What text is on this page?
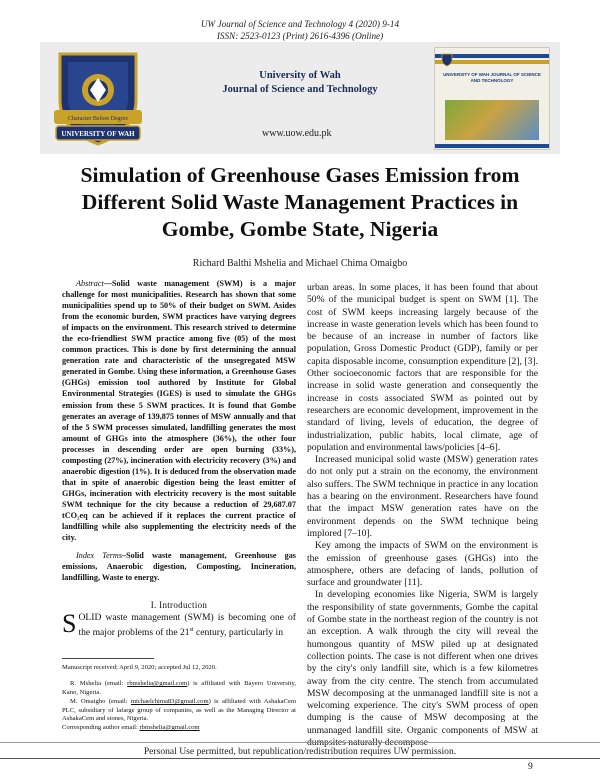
UW Journal of Science and Technology 4 (2020) 9-14
ISSN: 2523-0123 (Print) 2616-4396 (Online)
Character Before Degree
UNIVERSITY OF WAH
University of Wah
Journal of Science and Technology
www.uow.edu.pk
UNIVERSITY OF WAH JOURNAL OF SCIENCE AND TECHNOLOGY
Simulation of Greenhouse Gases Emission from Different Solid Waste Management Practices in Gombe, Gombe State, Nigeria
Richard Balthi Mshelia and Michael Chima Omaigbo
Abstract—Solid waste management (SWM) is a major challenge for most municipalities. Research has shown that some municipalities spend up to 50% of their budget on SWM. Asides from the economic burden, SWM practices have varying degrees of impacts on the environment. This research strived to determine the eco-friendliest SWM practice among five (05) of the most common practices. This is done by first determining the annual generation rate and characteristic of the unsegregated MSW generated in Gombe. Using these information, a Greenhouse Gases (GHGs) emission tool authored by Institute for Global Environmental Strategies (IGES) is used to simulate the GHGs emission from these 5 SWM practices. It is found that Gombe generates an average of 139,875 tonnes of MSW annually and that of the 5 SWM processes simulated, landfilling generates the most amount of GHGs into the atmosphere (36%), the other four processes in descending order are open burning (33%), composting (27%), incineration with electricity recovery (3%) and anaerobic digestion (1%). It is deduced from the observation made that in spite of anaerobic digestion being the least emitter of GHGs, incineration with electricity recovery is the most suitable SWM technique for the city because a reduction of 29,687.07 tCO₂eq can be achieved if it replaces the current practice of landfilling while also supplementing the electricity needs of the city.
Index Terms–Solid waste management, Greenhouse gas emissions, Anaerobic digestion, Composting, Incineration, landfilling, Waste to energy.
I. Introduction
SOLID waste management (SWM) is becoming one of the major problems of the 21st century, particularly in
Manuscript received; April 9, 2020; accepted Jul 12, 2020.
R. Mshelia (email: rbmshelia@gmail.com) is affiliated with Bayero University, Kano, Nigeria.
M. Omaigbo (email: michaelchima83@gmail.com) is affiliated with AshakaCem PLC, subsidiary of lafarge group of companies, as well as the Managing Director at AshakaCem and stones, Nigeria.
Corresponding author email: rbmshelia@gmail.com

urban areas. In some places, it has been found that about 50% of the municipal budget is spent on SWM [1]. The cost of SWM keeps increasing largely because of the increase in waste generation levels which has been found to be because of an increase in number of factors like population, Gross Domestic Product (GDP), family or per capita disposable income, consumption expenditure [2], [3]. Other socioeconomic factors that are responsible for the increase in solid waste generation and consequently the increase in costs associated SWM as pointed out by researchers are economic development, improvement in the standard of living, levels of education, the degree of industrialization, public habits, local climate, age of population and environmental laws/policies [4–6].

Increased municipal solid waste (MSW) generation rates do not only put a strain on the economy, the environment also suffers. The SWM technique in practice in any location has a bearing on the environment. Researchers have found that the impact MSW generation rates have on the environment depends on the SWM technique being implored [7–10].

Key among the impacts of SWM on the environment is the emission of greenhouse gases (GHGs) into the atmosphere, others are defacing of lands, pollution of surface and groundwater [11].

In developing economies like Nigeria, SWM is largely the responsibility of state governments, Gombe the capital of Gombe state in the northeast region of the country is not an exception. A walk through the city will reveal the humongous quantity of MSW piled up at designated collection points. The case is not different when one drives by the city's only landfill site, which is a few kilometres away from the city centre. The stench from accumulated MSW decomposing at the unmanaged landfill site is not a welcoming experience. The city's SWM process of open dumping is the cause of MSW decomposing at the unmanaged landfill site. Organic components of MSW at dumpsites naturally decompose

Personal Use permitted, but republication/redistribution requires UW permission.
9
